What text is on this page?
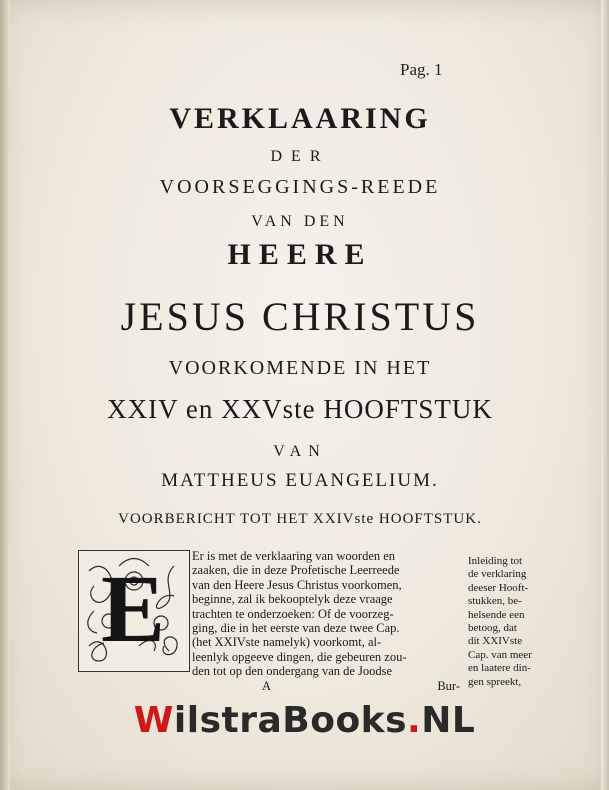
Pag. 1
VERKLAARING
DER
VOORSEGGINGS-REEDE
VAN DEN
HEERE
JESUS CHRISTUS
VOORKOMENDE IN HET
XXIV en XXVste HOOFTSTUK
VAN
MATTHEUS EUANGELIUM.
VOORBERICHT TOT HET XXIVste HOOFTSTUK.
E Er is met de verklaaring van woorden en
zaaken, die in deze Profetische Leerreede
van den Heere Jesus Christus voorkomen,
beginne, zal ik bekooptelyk deze vraage
trachten te onderzoeken: Of de voorzeg-
ging, die in het eerste van deze twee Cap.
(het XXIVste namelyk) voorkomt, al-
leenlyk opgeeve dingen, die gebeuren zou-
den tot op den ondergang van de Joodse
A	Bur-
Inleiding tot
de verklaring
deeser Hooft-
stukken, be-
helsende een
betoog, dat
dit XXIVste
Cap. van meer
en laatere din-
gen spreekt,
WilstraBooks.NL
